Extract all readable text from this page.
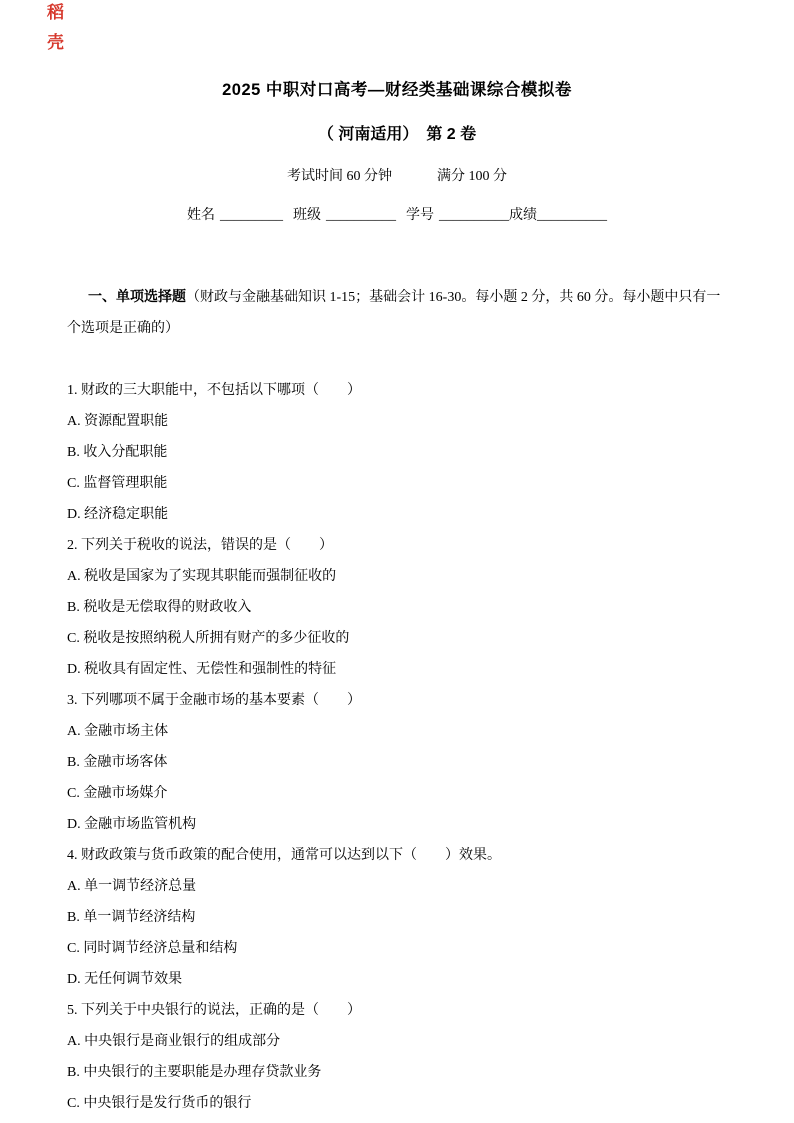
稻
壳
2025 中职对口高考—财经类基础课综合模拟卷
（ 河南适用）　第 2 卷
考试时间 60 分钟	满分 100 分
姓名 _________ 班级 __________ 学号 __________ 成绩__________

一、单项选择题（财政与金融基础知识 1-15；基础会计 16-30。每小题 2 分，共 60 分。每小题中只有一个选项是正确的）

1. 财政的三大职能中，不包括以下哪项（　　）
A. 资源配置职能
B. 收入分配职能
C. 监督管理职能
D. 经济稳定职能
2. 下列关于税收的说法，错误的是（　　）
A. 税收是国家为了实现其职能而强制征收的
B. 税收是无偿取得的财政收入
C. 税收是按照纳税人所拥有财产的多少征收的
D. 税收具有固定性、无偿性和强制性的特征
3. 下列哪项不属于金融市场的基本要素（　　）
A. 金融市场主体
B. 金融市场客体
C. 金融市场媒介
D. 金融市场监管机构
4. 财政政策与货币政策的配合使用，通常可以达到以下（　　）效果。
A. 单一调节经济总量
B. 单一调节经济结构
C. 同时调节经济总量和结构
D. 无任何调节效果
5. 下列关于中央银行的说法，正确的是（　　）
A. 中央银行是商业银行的组成部分
B. 中央银行的主要职能是办理存贷款业务
C. 中央银行是发行货币的银行
